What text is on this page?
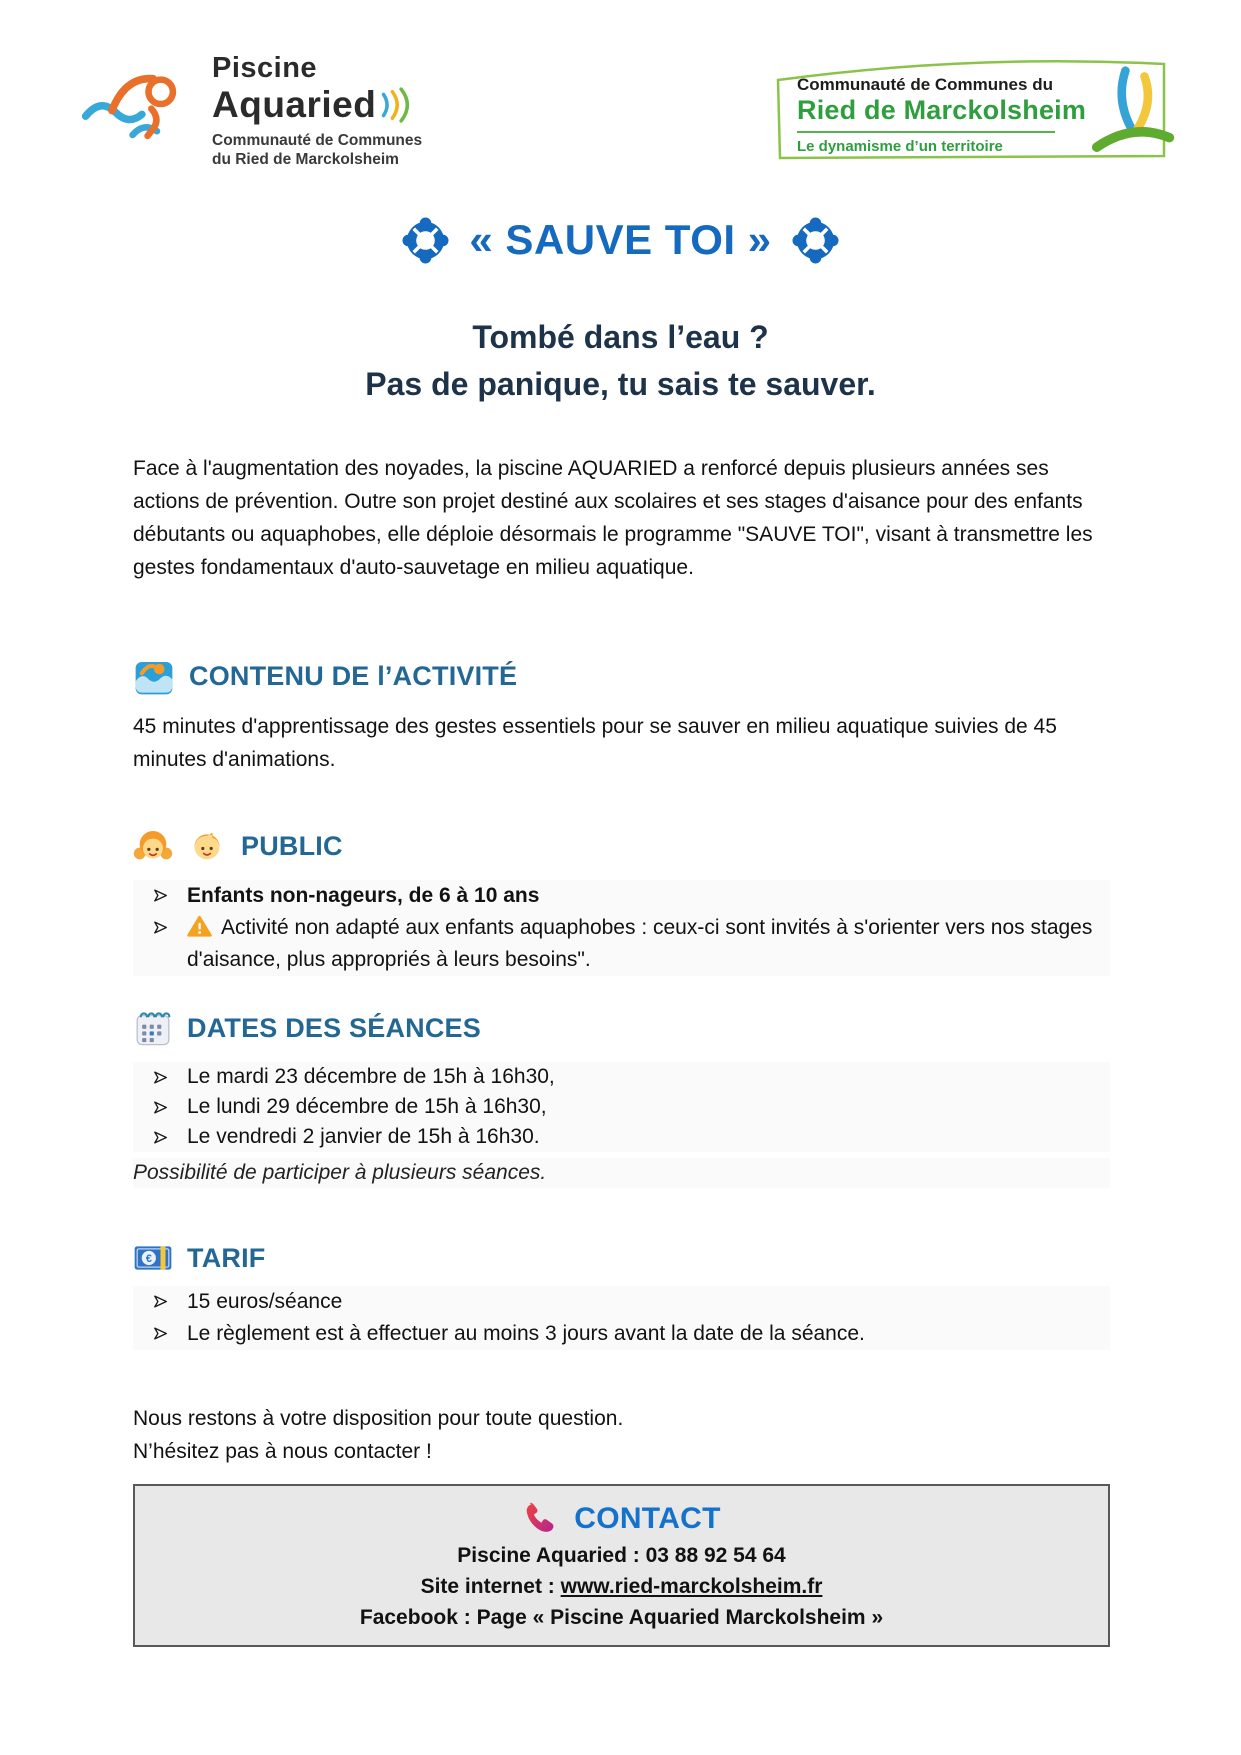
Piscine
Aquaried
Communauté de Communes
du Ried de Marckolsheim
Communauté de Communes du
Ried de Marckolsheim
Le dynamisme d’un territoire
« SAUVE TOI »
Tombé dans l’eau ?
Pas de panique, tu sais te sauver.

Face à l'augmentation des noyades, la piscine AQUARIED a renforcé depuis plusieurs années ses actions de prévention. Outre son projet destiné aux scolaires et ses stages d'aisance pour des enfants débutants ou aquaphobes, elle déploie désormais le programme "SAUVE TOI", visant à transmettre les gestes fondamentaux d'auto-sauvetage en milieu aquatique.

CONTENU DE l’ACTIVITÉ

45 minutes d'apprentissage des gestes essentiels pour se sauver en milieu aquatique suivies de 45 minutes d'animations.

PUBLIC
Enfants non-nageurs, de 6 à 10 ans
Activité non adapté aux enfants aquaphobes : ceux-ci sont invités à s'orienter vers nos stages d'aisance, plus appropriés à leurs besoins".
DATES DES SÉANCES
Le mardi 23 décembre de 15h à 16h30,
Le lundi 29 décembre de 15h à 16h30,
Le vendredi 2 janvier de 15h à 16h30.

Possibilité de participer à plusieurs séances.

€ TARIF
15 euros/séance
Le règlement est à effectuer au moins 3 jours avant la date de la séance.

Nous restons à votre disposition pour toute question.
N’hésitez pas à nous contacter !

CONTACT
Piscine Aquaried : 03 88 92 54 64
Site internet : www.ried-marckolsheim.fr
Facebook : Page « Piscine Aquaried Marckolsheim »
